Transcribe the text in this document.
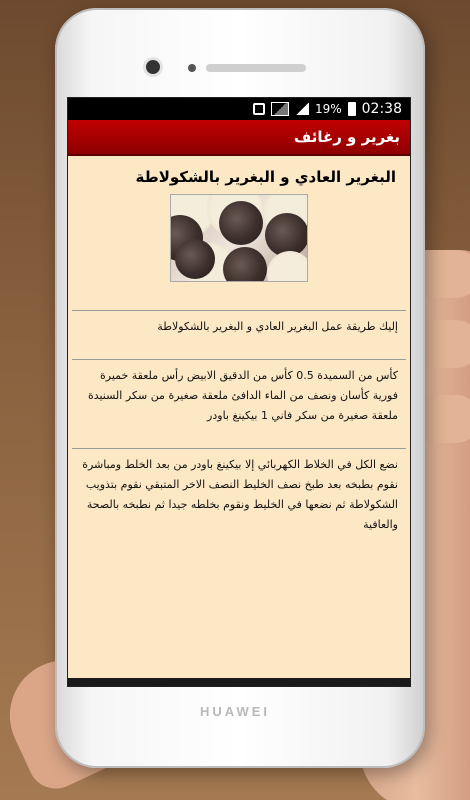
19% 02:38
بغرير و رغائف
البغرير العادي و البغرير بالشكولاطة
إليك طريقة عمل البغرير العادي و البغرير بالشكولاطة
كأس من السميدة 0.5 كأس من الدقيق الابيض رأس ملعقة خميرة فورية كأسان ونصف من الماء الدافئ ملعقة صغيرة من سكر السنيدة ملعقة صغيرة من سكر فاني 1 بيكينغ باودر
نضع الكل في الخلاط الكهربائي إلا بيكينغ باودر من بعد الخلط ومباشرة نقوم بطبخه بعد طبخ نصف الخليط النصف الاخر المتبقي نقوم بتذويب الشكولاطة ثم نضعها في الخليط ونقوم بخلطه جيدا ثم نطبخه بالصحة والعافية
HUAWEI
